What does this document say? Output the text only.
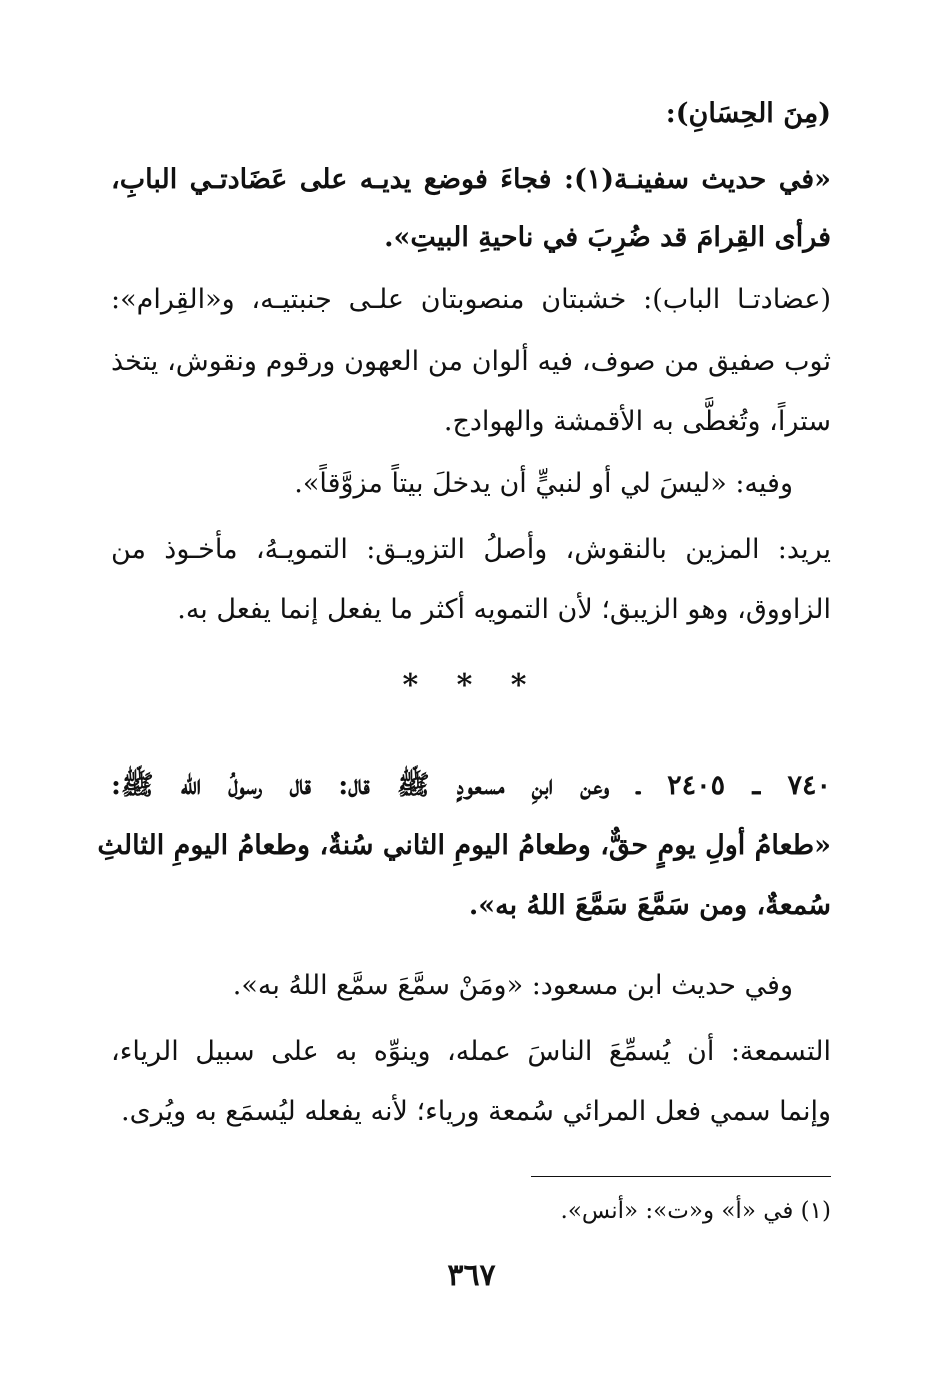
(مِنَ الحِسَانِ):
«في حديث سفينـة(١): فجاءَ فوضع يديـه على عَضَادتـي البابِ،
فرأى القِرامَ قد ضُرِبَ في ناحيةِ البيتِ».
(عضادتـا الباب): خشبتان منصوبتان علـى جنبتيـه، و«القِرام»:
ثوب صفيق من صوف، فيه ألوان من العهون ورقوم ونقوش، يتخذ
ستراً، وتُغطَّى به الأقمشة والهوادج.
وفيه: «ليسَ لي أو لنبيٍّ أن يدخلَ بيتاً مزوَّقاً».
يريد: المزين بالنقوش، وأصلُ التزويـق: التمويـهُ، مأخـوذ من
الزاووق، وهو الزيبق؛ لأن التمويه أكثر ما يفعل إنما يفعل به.
* * *
٧٤٠ ـ ٢٤٠٥ ـ وعن ابنِ مسعودٍ ﷺ قال: قال رسولُ الله ﷺ:
«طعامُ أولِ يومٍ حقٌّ، وطعامُ اليومِ الثاني سُنةٌ، وطعامُ اليومِ الثالثِ
سُمعةٌ، ومن سَمَّعَ سَمَّعَ اللهُ به».
وفي حديث ابن مسعود: «ومَنْ سمَّعَ سمَّع اللهُ به».
التسمعة: أن يُسمِّعَ الناسَ عمله، وينوِّه به على سبيل الرياء،
وإنما سمي فعل المرائي سُمعة ورياء؛ لأنه يفعله ليُسمَع به ويُرى.
(١) في «أ» و«ت»: «أنس».
٣٦٧
